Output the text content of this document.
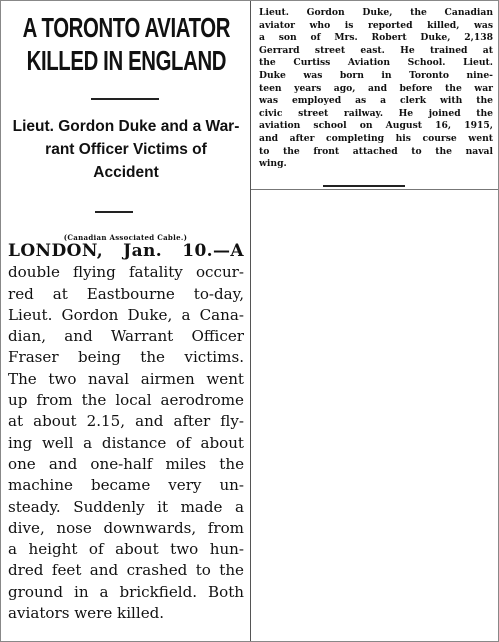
A TORONTO AVIATOR
KILLED IN ENGLAND
Lieut. Gordon Duke and a War-
rant Officer Victims of
Accident
(Canadian Associated Cable.)
LONDON, Jan. 10.—A
double flying fatality occur-
red at Eastbourne to-day,
Lieut. Gordon Duke, a Cana-
dian, and Warrant Officer
Fraser being the victims.
The two naval airmen went
up from the local aerodrome
at about 2.15, and after fly-
ing well a distance of about
one and one-half miles the
machine became very un-
steady. Suddenly it made a
dive, nose downwards, from
a height of about two hun-
dred feet and crashed to the
ground in a brickfield. Both
aviators were killed.
Lieut. Gordon Duke, the Canadian
aviator who is reported killed, was
a son of Mrs. Robert Duke, 2,138
Gerrard street east. He trained at
the Curtiss Aviation School. Lieut.
Duke was born in Toronto nine-
teen years ago, and before the war
was employed as a clerk with the
civic street railway. He joined the
aviation school on August 16, 1915,
and after completing his course went
to the front attached to the naval
wing.
